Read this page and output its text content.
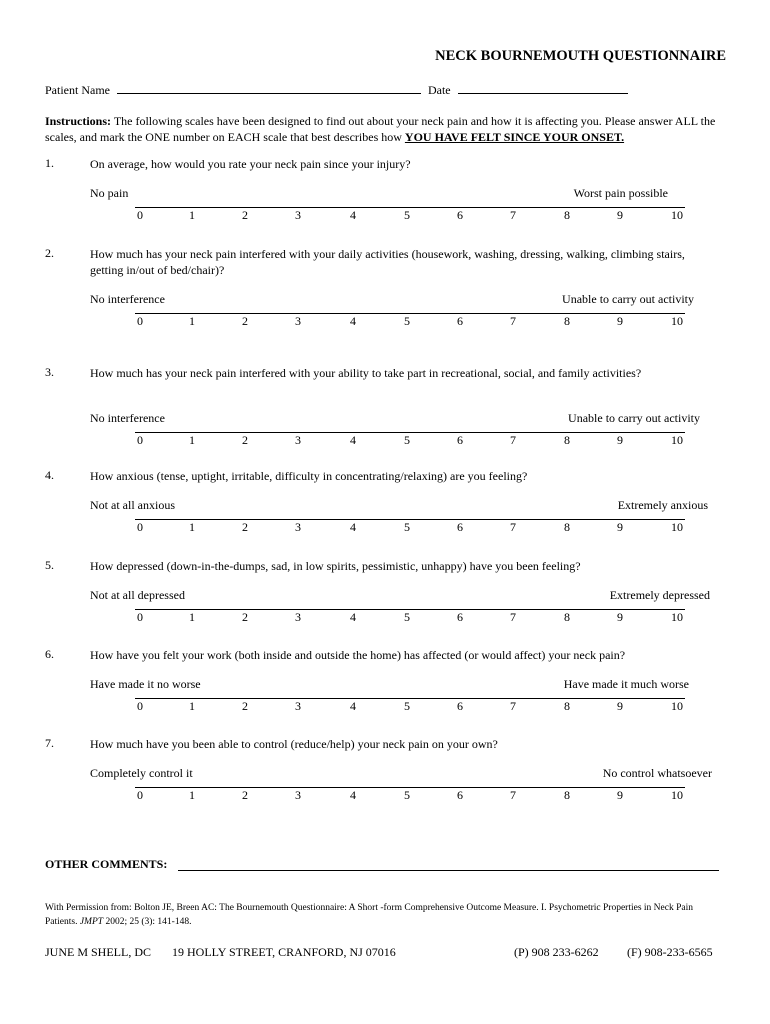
NECK BOURNEMOUTH QUESTIONNAIRE
Patient Name	Date
Instructions: The following scales have been designed to find out about your neck pain and how it is affecting you. Please answer ALL the scales, and mark the ONE number on EACH scale that best describes how YOU HAVE FELT SINCE YOUR ONSET.
1.	On average, how would you rate your neck pain since your injury?
No pain	Worst pain possible
0	1	2	3	4	5	6	7	8	9	10
2.	How much has your neck pain interfered with your daily activities (housework, washing, dressing, walking, climbing stairs, getting in/out of bed/chair)?
No interference	Unable to carry out activity
0	1	2	3	4	5	6	7	8	9	10
3.	How much has your neck pain interfered with your ability to take part in recreational, social, and family activities?
No interference	Unable to carry out activity
0	1	2	3	4	5	6	7	8	9	10
4.	How anxious (tense, uptight, irritable, difficulty in concentrating/relaxing) are you feeling?
Not at all anxious	Extremely anxious
0	1	2	3	4	5	6	7	8	9	10
5.	How depressed (down-in-the-dumps, sad, in low spirits, pessimistic, unhappy) have you been feeling?
Not at all depressed	Extremely depressed
0	1	2	3	4	5	6	7	8	9	10
6.	How have you felt your work (both inside and outside the home) has affected (or would affect) your neck pain?
Have made it no worse	Have made it much worse
0	1	2	3	4	5	6	7	8	9	10
7.	How much have you been able to control (reduce/help) your neck pain on your own?
Completely control it	No control whatsoever
0	1	2	3	4	5	6	7	8	9	10
OTHER COMMENTS:
With Permission from: Bolton JE, Breen AC: The Bournemouth Questionnaire: A Short -form Comprehensive Outcome Measure. I. Psychometric Properties in Neck Pain Patients. JMPT 2002; 25 (3): 141-148.
JUNE M SHELL, DC 19 HOLLY STREET, CRANFORD, NJ 07016	(P) 908 233-6262 (F) 908-233-6565
